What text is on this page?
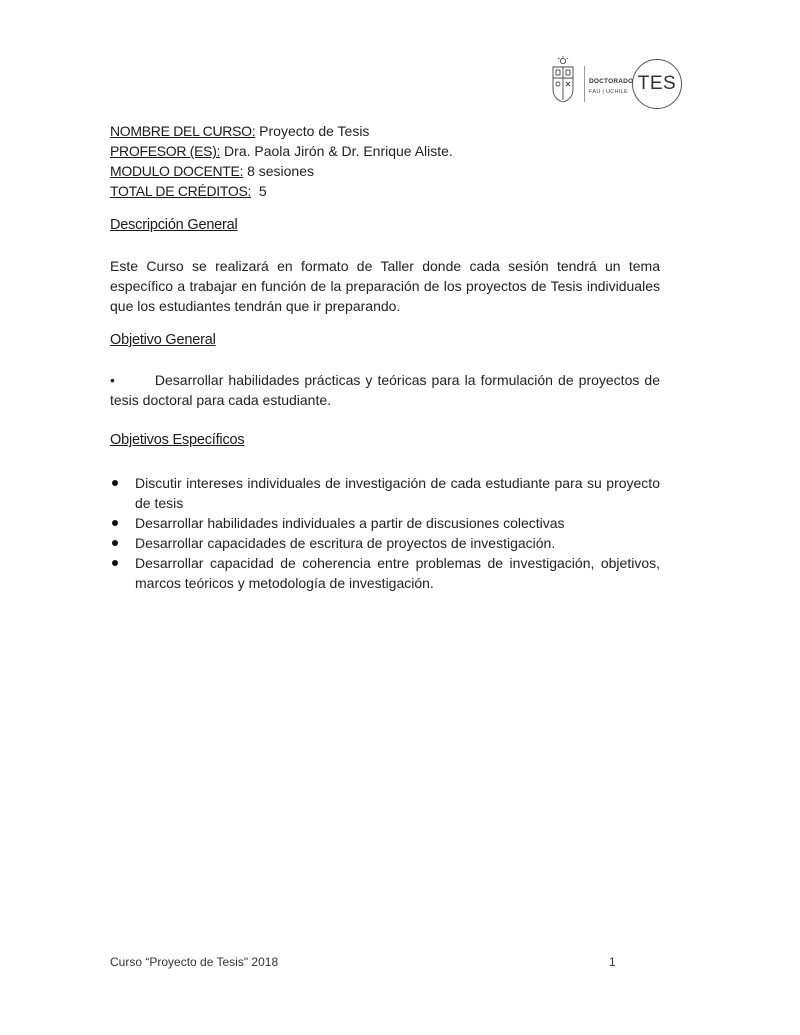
DOCTORADO
FAU | UCHILE TES
NOMBRE DEL CURSO: Proyecto de Tesis
PROFESOR (ES): Dra. Paola Jirón & Dr. Enrique Aliste.
MODULO DOCENTE: 8 sesiones
TOTAL DE CRÉDITOS:  5
Descripción General

Este Curso se realizará en formato de Taller donde cada sesión tendrá un tema específico a trabajar en función de la preparación de los proyectos de Tesis individuales que los estudiantes tendrán que ir preparando.

Objetivo General

•	Desarrollar habilidades prácticas y teóricas para la formulación de proyectos de tesis doctoral para cada estudiante.

Objetivos Específicos
Discutir intereses individuales de investigación de cada estudiante para su proyecto de tesis
Desarrollar habilidades individuales a partir de discusiones colectivas
Desarrollar capacidades de escritura de proyectos de investigación.
Desarrollar capacidad de coherencia entre problemas de investigación, objetivos, marcos teóricos y metodología de investigación.
Curso “Proyecto de Tesis" 2018	1
